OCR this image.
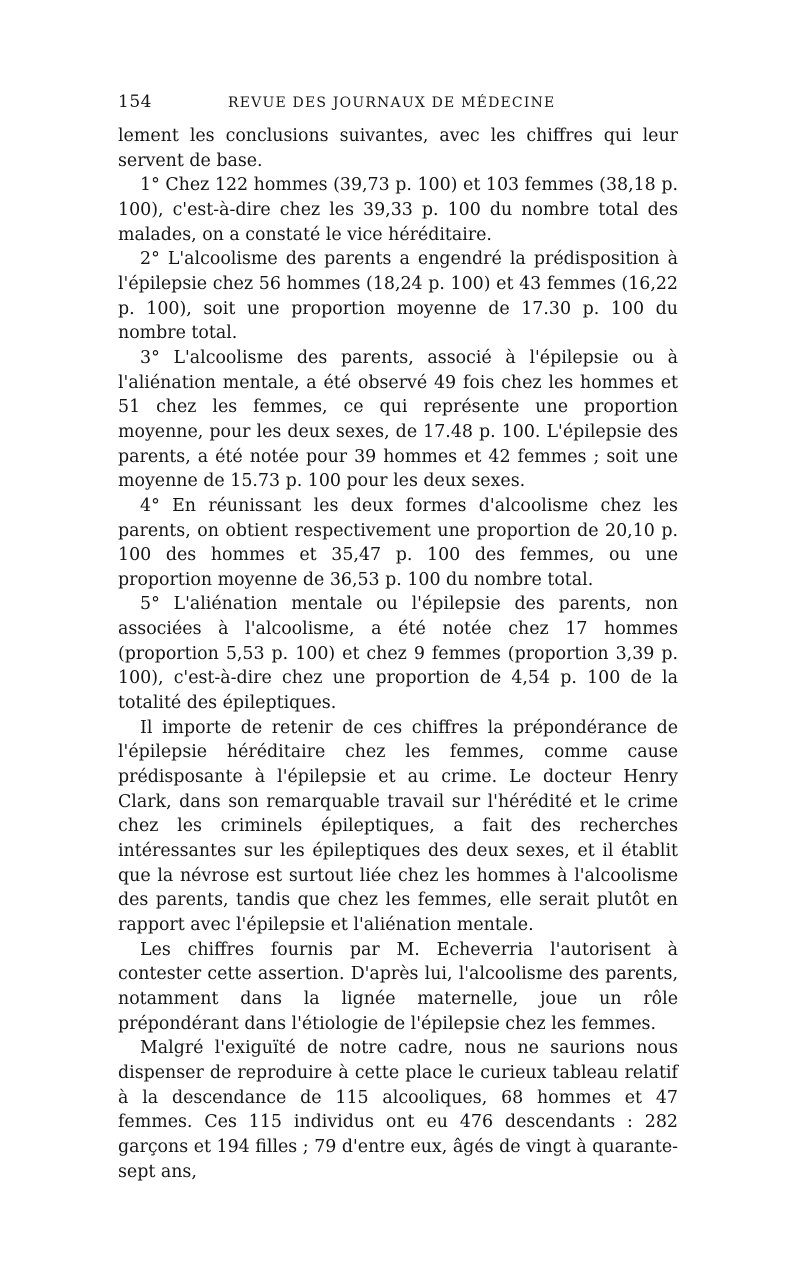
154	REVUE DES JOURNAUX DE MÉDECINE

lement les conclusions suivantes, avec les chiffres qui leur servent de base.

1° Chez 122 hommes (39,73 p. 100) et 103 femmes (38,18 p. 100), c'est-à-dire chez les 39,33 p. 100 du nombre total des malades, on a constaté le vice héréditaire.

2° L'alcoolisme des parents a engendré la prédisposition à l'épilepsie chez 56 hommes (18,24 p. 100) et 43 femmes (16,22 p. 100), soit une proportion moyenne de 17.30 p. 100 du nombre total.

3° L'alcoolisme des parents, associé à l'épilepsie ou à l'aliénation mentale, a été observé 49 fois chez les hommes et 51 chez les femmes, ce qui représente une proportion moyenne, pour les deux sexes, de 17.48 p. 100. L'épilepsie des parents, a été notée pour 39 hommes et 42 femmes ; soit une moyenne de 15.73 p. 100 pour les deux sexes.

4° En réunissant les deux formes d'alcoolisme chez les parents, on obtient respectivement une proportion de 20,10 p. 100 des hommes et 35,47 p. 100 des femmes, ou une proportion moyenne de 36,53 p. 100 du nombre total.

5° L'aliénation mentale ou l'épilepsie des parents, non associées à l'alcoolisme, a été notée chez 17 hommes (proportion 5,53 p. 100) et chez 9 femmes (proportion 3,39 p. 100), c'est-à-dire chez une proportion de 4,54 p. 100 de la totalité des épileptiques.

Il importe de retenir de ces chiffres la prépondérance de l'épilepsie héréditaire chez les femmes, comme cause prédisposante à l'épilepsie et au crime. Le docteur Henry Clark, dans son remarquable travail sur l'hérédité et le crime chez les criminels épileptiques, a fait des recherches intéressantes sur les épileptiques des deux sexes, et il établit que la névrose est surtout liée chez les hommes à l'alcoolisme des parents, tandis que chez les femmes, elle serait plutôt en rapport avec l'épilepsie et l'aliénation mentale.

Les chiffres fournis par M. Echeverria l'autorisent à contester cette assertion. D'après lui, l'alcoolisme des parents, notamment dans la lignée maternelle, joue un rôle prépondérant dans l'étiologie de l'épilepsie chez les femmes.

Malgré l'exiguïté de notre cadre, nous ne saurions nous dispenser de reproduire à cette place le curieux tableau relatif à la descendance de 115 alcooliques, 68 hommes et 47 femmes. Ces 115 individus ont eu 476 descendants : 282 garçons et 194 filles ; 79 d'entre eux, âgés de vingt à quarante-sept ans,
